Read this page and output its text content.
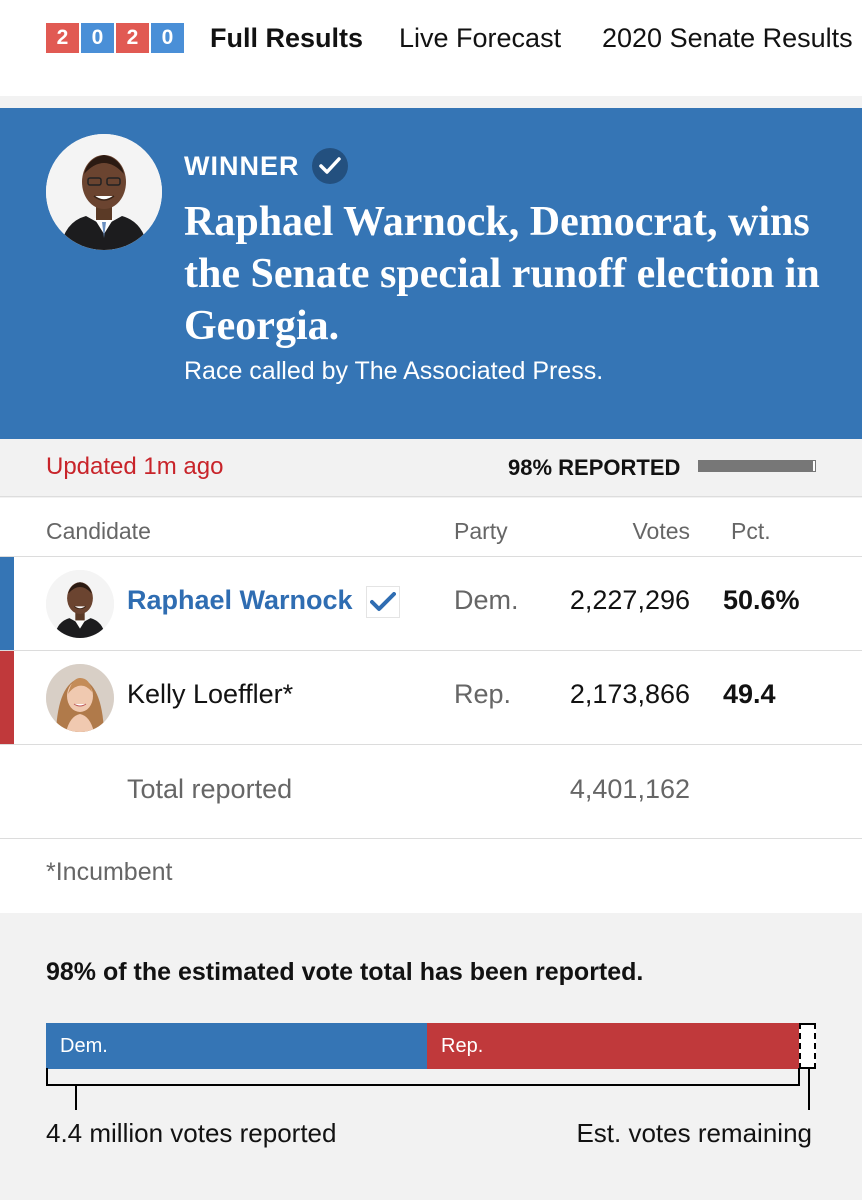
2	0	2	0	Full Results Live Forecast 2020 Senate Results
WINNER
Raphael Warnock, Democrat, wins the Senate special runoff election in Georgia.

Race called by The Associated Press.

Updated 1m ago	98% REPORTED
Candidate	Party	Votes Pct.
Raphael Warnock	Dem. 2,227,296 50.6%
Kelly Loeffler*	Rep. 2,173,866 49.4
Total reported	4,401,162
*Incumbent
98% of the estimated vote total has been reported.
Dem.	Rep.
4.4 million votes reported	Est. votes remaining
